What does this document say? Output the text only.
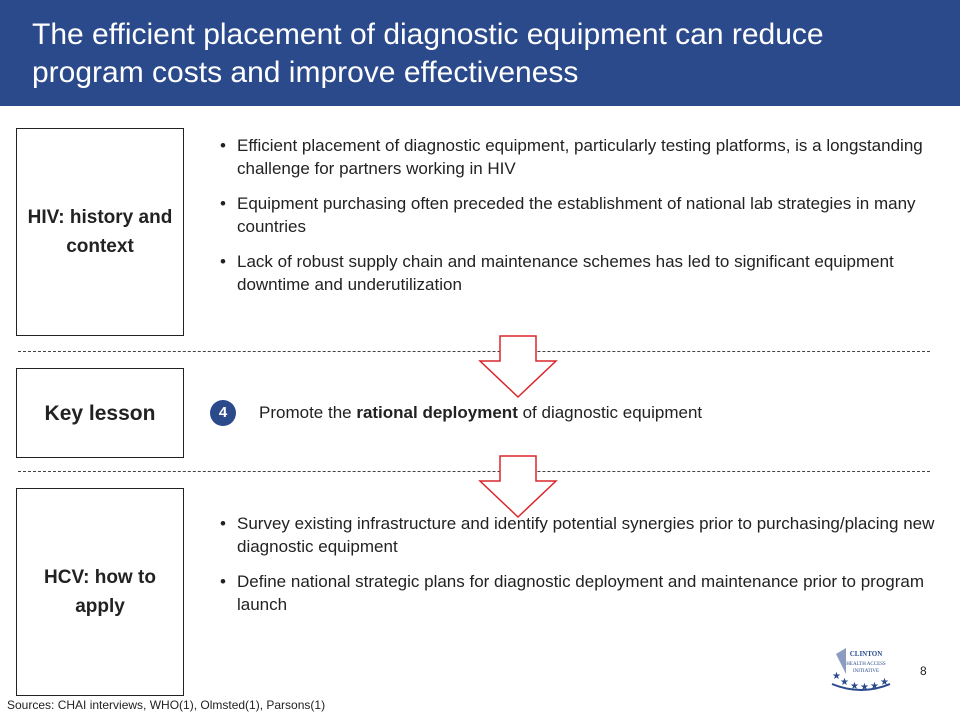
The efficient placement of diagnostic equipment can reduce program costs and improve effectiveness
HIV: history and context
• Efficient placement of diagnostic equipment, particularly testing platforms, is a longstanding challenge for partners working in HIV
• Equipment purchasing often preceded the establishment of national lab strategies in many countries
• Lack of robust supply chain and maintenance schemes has led to significant equipment downtime and underutilization
Key lesson	4	Promote the rational deployment of diagnostic equipment
HCV: how to apply
• Survey existing infrastructure and identify potential synergies prior to purchasing/placing new diagnostic equipment
• Define national strategic plans for diagnostic deployment and maintenance prior to program launch
★
★ ★ ★ ★ ★
CLINTON
HEALTH ACCESS
INITIATIVE	8
Sources: CHAI interviews, WHO(1), Olmsted(1), Parsons(1)
